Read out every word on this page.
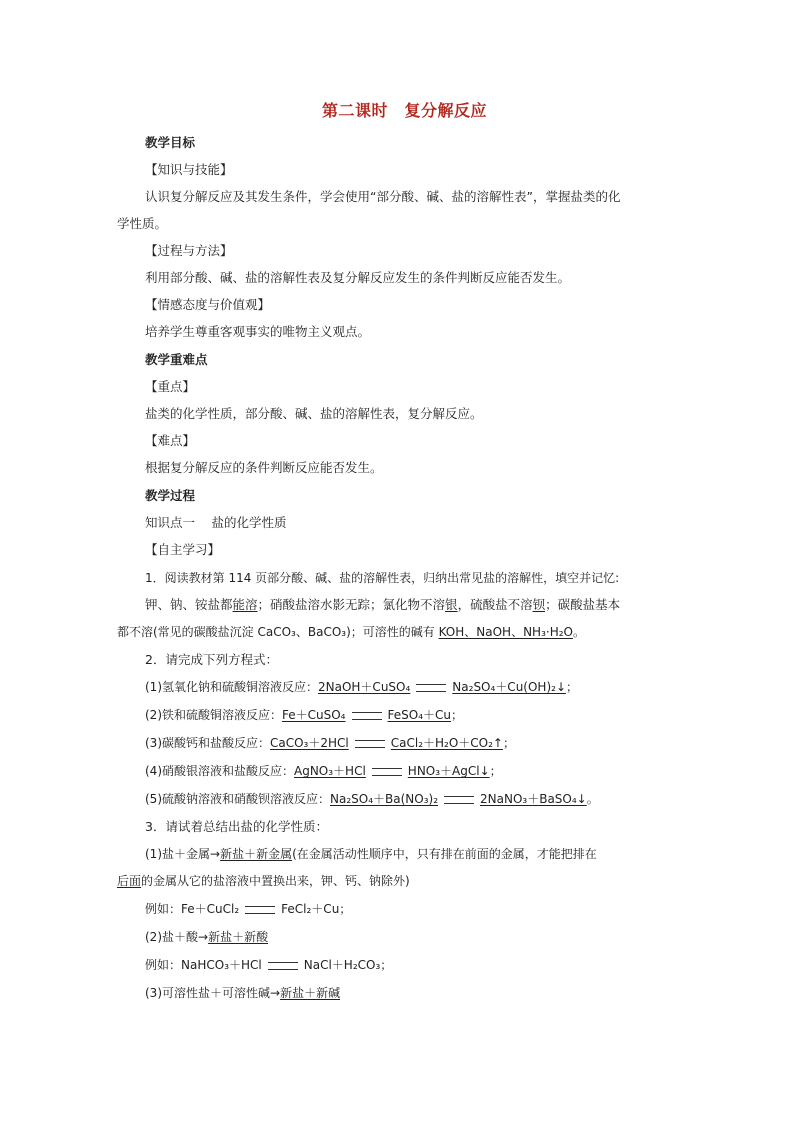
第二课时　复分解反应
教学目标
【知识与技能】
认识复分解反应及其发生条件，学会使用“部分酸、碱、盐的溶解性表”，掌握盐类的化
学性质。
【过程与方法】
利用部分酸、碱、盐的溶解性表及复分解反应发生的条件判断反应能否发生。
【情感态度与价值观】
培养学生尊重客观事实的唯物主义观点。
教学重难点
【重点】
盐类的化学性质，部分酸、碱、盐的溶解性表，复分解反应。
【难点】
根据复分解反应的条件判断反应能否发生。
教学过程
知识点一　 盐的化学性质
【自主学习】
1．阅读教材第 114 页部分酸、碱、盐的溶解性表，归纳出常见盐的溶解性，填空并记忆:
钾、钠、铵盐都能溶；硝酸盐溶水影无踪；氯化物不溶银，硫酸盐不溶钡；碳酸盐基本
都不溶(常见的碳酸盐沉淀 CaCO₃、BaCO₃)；可溶性的碱有 KOH、NaOH、NH₃·H₂O。
2．请完成下列方程式：
(1)氢氧化钠和硫酸铜溶液反应：2NaOH＋CuSO₄	Na₂SO₄＋Cu(OH)₂↓；
(2)铁和硫酸铜溶液反应：Fe＋CuSO₄	FeSO₄＋Cu；
(3)碳酸钙和盐酸反应：CaCO₃＋2HCl	CaCl₂＋H₂O＋CO₂↑；
(4)硝酸银溶液和盐酸反应：AgNO₃＋HCl	HNO₃＋AgCl↓；
(5)硫酸钠溶液和硝酸钡溶液反应：Na₂SO₄＋Ba(NO₃)₂	2NaNO₃＋BaSO₄↓。
3．请试着总结出盐的化学性质：
(1)盐＋金属→新盐＋新金属(在金属活动性顺序中，只有排在前面的金属，才能把排在
后面的金属从它的盐溶液中置换出来，钾、钙、钠除外)
例如：Fe＋CuCl₂	FeCl₂＋Cu；
(2)盐＋酸→新盐＋新酸
例如：NaHCO₃＋HCl	NaCl＋H₂CO₃；
(3)可溶性盐＋可溶性碱→新盐＋新碱
